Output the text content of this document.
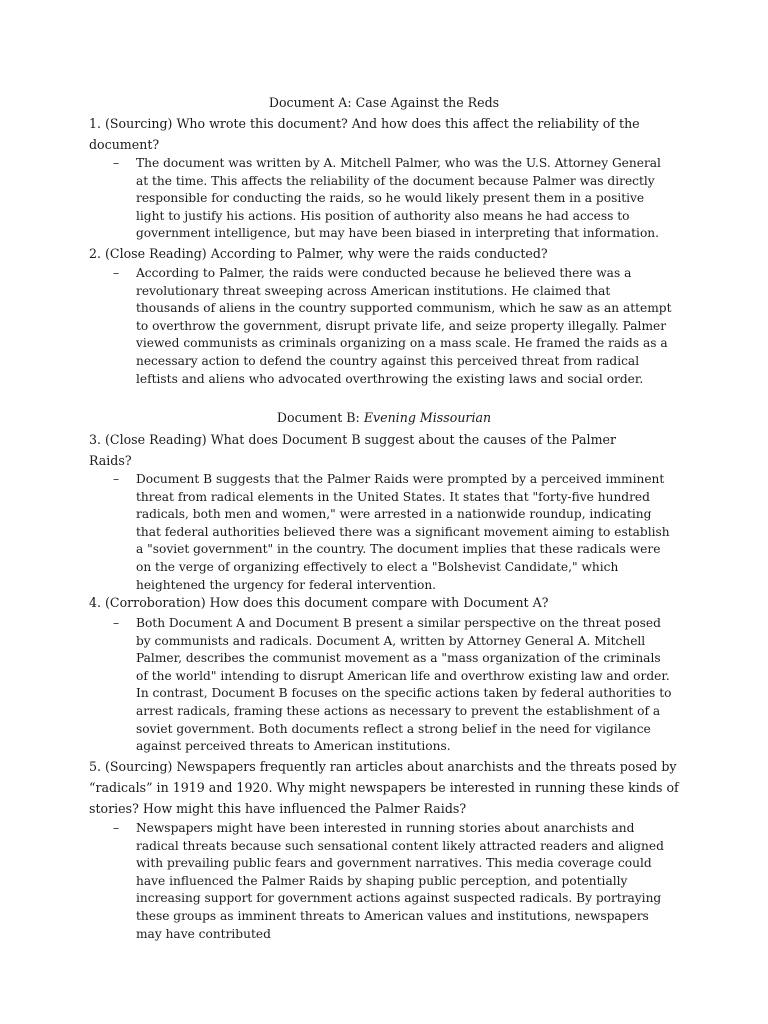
Document A: Case Against the Reds
1. (Sourcing) Who wrote this document? And how does this affect the reliability of the
document?
– The document was written by A. Mitchell Palmer, who was the U.S. Attorney General at the time. This affects the reliability of the document because Palmer was directly responsible for conducting the raids, so he would likely present them in a positive light to justify his actions. His position of authority also means he had access to government intelligence, but may have been biased in interpreting that information.
2. (Close Reading) According to Palmer, why were the raids conducted?
– According to Palmer, the raids were conducted because he believed there was a revolutionary threat sweeping across American institutions. He claimed that thousands of aliens in the country supported communism, which he saw as an attempt to overthrow the government, disrupt private life, and seize property illegally. Palmer viewed communists as criminals organizing on a mass scale. He framed the raids as a necessary action to defend the country against this perceived threat from radical leftists and aliens who advocated overthrowing the existing laws and social order.
Document B: Evening Missourian
3. (Close Reading) What does Document B suggest about the causes of the Palmer
Raids?
– Document B suggests that the Palmer Raids were prompted by a perceived imminent threat from radical elements in the United States. It states that "forty-five hundred radicals, both men and women," were arrested in a nationwide roundup, indicating that federal authorities believed there was a significant movement aiming to establish a "soviet government" in the country. The document implies that these radicals were on the verge of organizing effectively to elect a "Bolshevist Candidate," which heightened the urgency for federal intervention.
4. (Corroboration) How does this document compare with Document A?
– Both Document A and Document B present a similar perspective on the threat posed by communists and radicals. Document A, written by Attorney General A. Mitchell Palmer, describes the communist movement as a "mass organization of the criminals of the world" intending to disrupt American life and overthrow existing law and order. In contrast, Document B focuses on the specific actions taken by federal authorities to arrest radicals, framing these actions as necessary to prevent the establishment of a soviet government. Both documents reflect a strong belief in the need for vigilance against perceived threats to American institutions.
5. (Sourcing) Newspapers frequently ran articles about anarchists and the threats posed by
“radicals” in 1919 and 1920. Why might newspapers be interested in running these kinds of
stories? How might this have influenced the Palmer Raids?
– Newspapers might have been interested in running stories about anarchists and radical threats because such sensational content likely attracted readers and aligned with prevailing public fears and government narratives. This media coverage could have influenced the Palmer Raids by shaping public perception, and potentially increasing support for government actions against suspected radicals. By portraying these groups as imminent threats to American values and institutions, newspapers may have contributed
